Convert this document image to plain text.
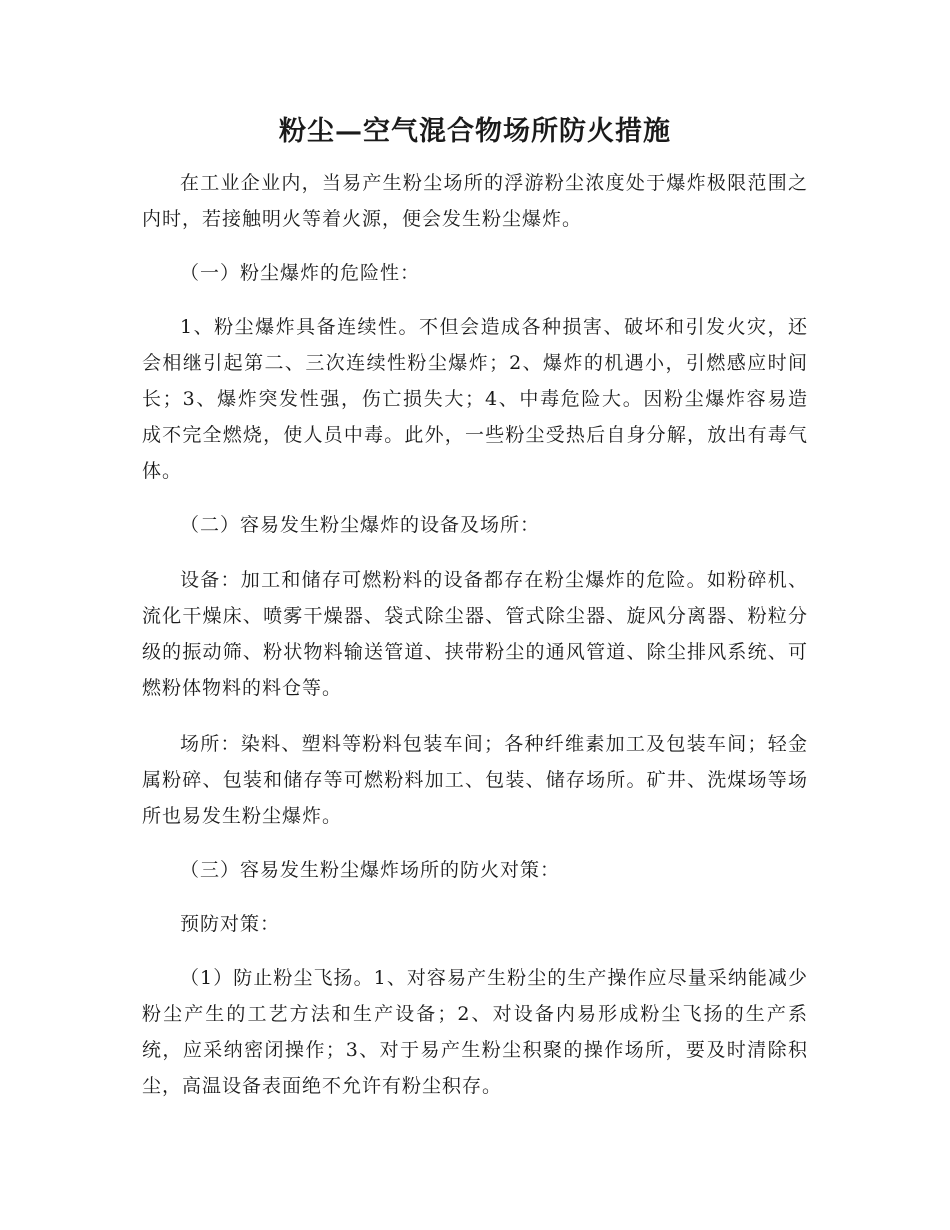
粉尘—空气混合物场所防火措施

在工业企业内，当易产生粉尘场所的浮游粉尘浓度处于爆炸极限范围之内时，若接触明火等着火源，便会发生粉尘爆炸。

（一）粉尘爆炸的危险性：

1、粉尘爆炸具备连续性。不但会造成各种损害、破坏和引发火灾，还会相继引起第二、三次连续性粉尘爆炸；2、爆炸的机遇小，引燃感应时间长；3、爆炸突发性强，伤亡损失大；4、中毒危险大。因粉尘爆炸容易造成不完全燃烧，使人员中毒。此外，一些粉尘受热后自身分解，放出有毒气体。

（二）容易发生粉尘爆炸的设备及场所：

设备：加工和储存可燃粉料的设备都存在粉尘爆炸的危险。如粉碎机、流化干燥床、喷雾干燥器、袋式除尘器、管式除尘器、旋风分离器、粉粒分级的振动筛、粉状物料输送管道、挟带粉尘的通风管道、除尘排风系统、可燃粉体物料的料仓等。

场所：染料、塑料等粉料包装车间；各种纤维素加工及包装车间；轻金属粉碎、包装和储存等可燃粉料加工、包装、储存场所。矿井、洗煤场等场所也易发生粉尘爆炸。

（三）容易发生粉尘爆炸场所的防火对策：

预防对策：

（1）防止粉尘飞扬。1、对容易产生粉尘的生产操作应尽量采纳能减少粉尘产生的工艺方法和生产设备；2、对设备内易形成粉尘飞扬的生产系统，应采纳密闭操作；3、对于易产生粉尘积聚的操作场所，要及时清除积尘，高温设备表面绝不允许有粉尘积存。
